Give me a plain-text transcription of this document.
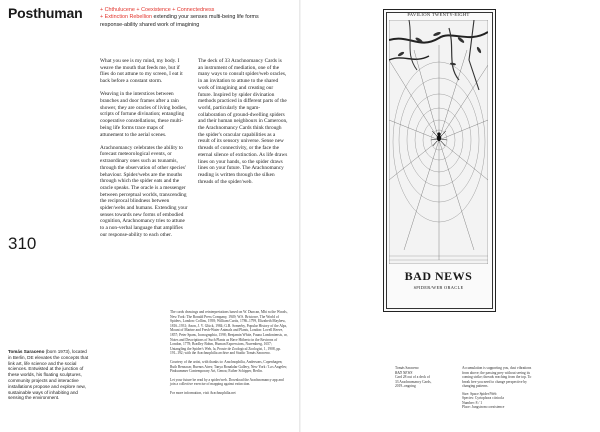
Posthuman	+ Chthulucene + Coexistence + Connectedness
+ Extinction Rebellion extending your senses multi-being life forms
response-ability shared work of imagining
310

What you see is my mind, my body. I weave the mouth that feeds me, but if flies do not attune to my screen, I eat it back before a constant storm.

Weaving in the interstices between branches and door frames after a rain shower, they are oracles of living bodies, scripts of fortune divination; entangling cooperative constellations, these multi-being life forms trace maps of attunement to the aerial scenes.

Arachnomancy celebrates the ability to forecast meteorological events, or extraordinary ones such as tsunamis, through the observation of other species' behaviour. Spider/webs are the mouths through which the spider eats and the oracle speaks. The oracle is a messenger between perceptual worlds, transcending the reciprocal blindness between spider/webs and humans. Extending your senses towards new forms of embodied cognition, Arachnomancy tries to attune to a non-verbal language that amplifies our response-ability to each other.

The deck of 33 Arachnomancy Cards is an instrument of mediation, one of the many ways to consult spider/web oracles, in an invitation to attune to the shared work of imagining and creating our future. Inspired by spider divination methods practiced in different parts of the world, particularly the ngam-collaboration of ground-dwelling spiders and their human neighbours in Cameroon, the Arachnomancy Cards think through the spider's oracular capabilities as a result of its sensory universe. Sense new threads of connectivity, or the face the eternal silence of extinction. As life draws lines on your hands, so the spider draws lines on your future. The Arachnomancy reading is written through the silken threads of the spider/web.

The cards drawings and reinterpretations based on W. Duncan, Mbi ra the Woods, New York: The Ronald Press Company, 1949; W.S. Bristowe, The World of Spiders, London: Collins, 1958; William Curtis, 1786–1799, Elizabeth Mayhew, 1816–1931; Anon, J. V. Glück, 1984; G.B. Somerby, Popular History of the Alps, Mount of Marine and Fresh-Water Animals and Plants, London: Lovell Reeve, 1857; Peter Spans, Iconographia, 1598; Benjamin White, Fauna Londoniensis, or, Notes and Descriptions of Such Plants as Have Hitherto in the Environs of London, 1778; Bradley Bohm, Human Expressions, Nuremberg, 1657; Untangling the Spider's Web, la, Proute de Zoological Zoologist, 1, 1908, pp. 191–192; with the Arachnophilia archive and Studio Tomás Saraceno.

Courtesy of the artist, with thanks to: Arachnophilia, Andersons, Copenhagen; Ruth Benzacar, Buenos Aires; Tanya Bonakdar Gallery, New York / Los Angeles; Pinksummer Contemporary Art, Genoa; Esther Schipper, Berlin.

Let your future be read by a spider/web. Download the Arachnomancy app and join a collective exercise of mapping against extinction.

For more information, visit Arachnophilia.net

Tomás Saraceno (born 1973), located in Berlin, DE elevates the concepts that link art, life science and the social sciences. Entwisted at the junction of these worlds, his floating sculptures, community projects and interactive installations propose and explore new, sustainable ways of inhabiting and sensing the environment.
PAVILION TWENTY-EIGHT
BAD NEWS
SPIDER/WEB ORACLE
Tomás Saraceno
BAD NEWS
Card 28 out of a deck of
33 Arachnomancy Cards,
2019–ongoing
Accumulation is supporting you, dust vibrations from above; the passing prey without seeing its coming strike; threads reaching from the top. To break free you need to change perspective by changing patterns.
Size: Space Spider/Web
Species: Cyrtophora citricola
Number: 8 / 1
Place: Jungstrom coexistence
